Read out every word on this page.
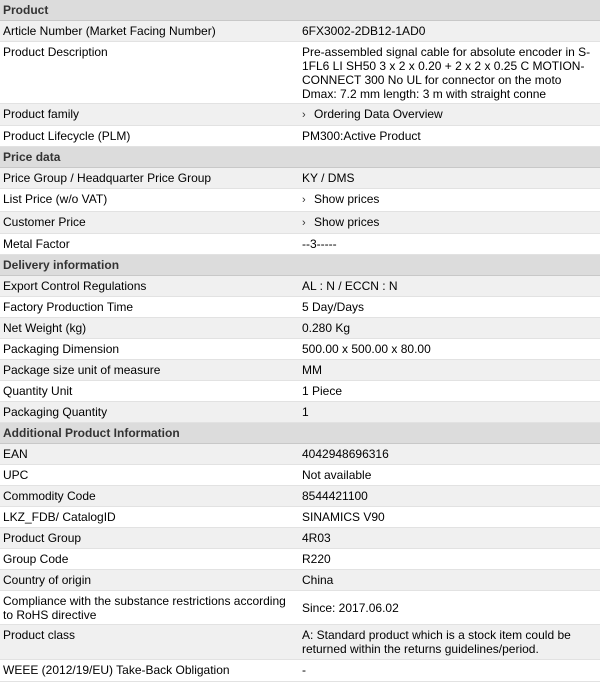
Product
Article Number (Market Facing Number)	6FX3002-2DB12-1AD0
Product Description	Pre-assembled signal cable for absolute encoder in S-1FL6 LI SH50 3 x 2 x 0.20 + 2 x 2 x 0.25 C MOTION-CONNECT 300 No UL for connector on the moto Dmax: 7.2 mm length: 3 m with straight conne
Product family	› Ordering Data Overview
Product Lifecycle (PLM)	PM300:Active Product
Price data
Price Group / Headquarter Price Group	KY / DMS
List Price (w/o VAT)	› Show prices
Customer Price	› Show prices
Metal Factor	--3-----
Delivery information
Export Control Regulations	AL : N / ECCN : N
Factory Production Time	5 Day/Days
Net Weight (kg)	0.280 Kg
Packaging Dimension	500.00 x 500.00 x 80.00
Package size unit of measure	MM
Quantity Unit	1 Piece
Packaging Quantity	1
Additional Product Information
EAN	4042948696316
UPC	Not available
Commodity Code	8544421100
LKZ_FDB/ CatalogID	SINAMICS V90
Product Group	4R03
Group Code	R220
Country of origin	China
Compliance with the substance restrictions according to RoHS directive	Since: 2017.06.02
Product class	A: Standard product which is a stock item could be returned within the returns guidelines/period.
WEEE (2012/19/EU) Take-Back Obligation	-
